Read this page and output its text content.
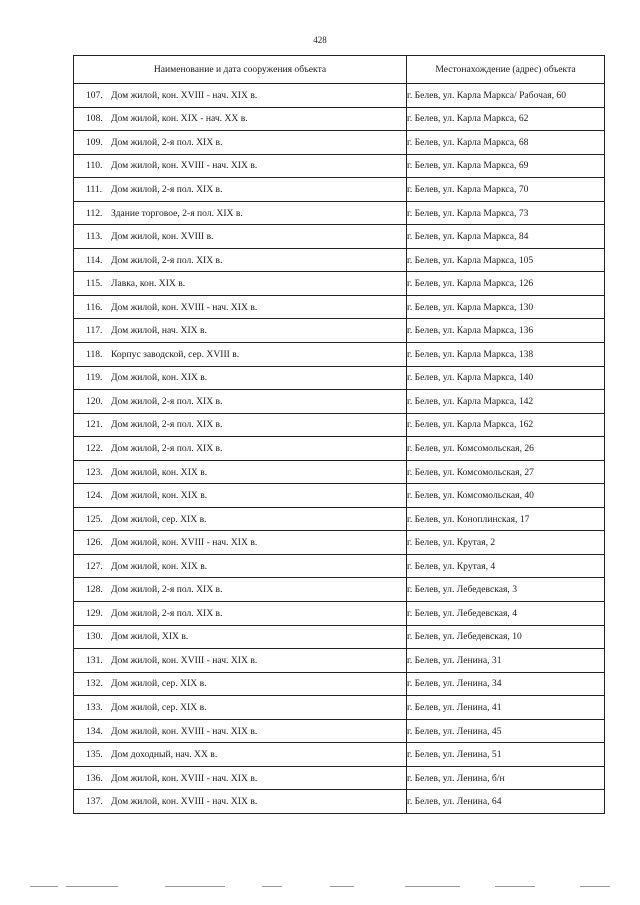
428
Наименование и дата сооружения объекта	Местонахождение (адрес) объекта
107. Дом жилой, кон. XVIII - нач. XIX в.	г. Белев, ул. Карла Маркса/ Рабочая, 60
108. Дом жилой, кон. XIX - нач. XX в.	г. Белев, ул. Карла Маркса, 62
109. Дом жилой, 2-я пол. XIX в.	г. Белев, ул. Карла Маркса, 68
110. Дом жилой, кон. XVIII - нач. XIX в.	г. Белев, ул. Карла Маркса, 69
111. Дом жилой, 2-я пол. XIX в.	г. Белев, ул. Карла Маркса, 70
112. Здание торговое, 2-я пол. XIX в.	г. Белев, ул. Карла Маркса, 73
113. Дом жилой, кон. XVIII в.	г. Белев, ул. Карла Маркса, 84
114. Дом жилой, 2-я пол. XIX в.	г. Белев, ул. Карла Маркса, 105
115. Лавка, кон. XIX в.	г. Белев, ул. Карла Маркса, 126
116. Дом жилой, кон. XVIII - нач. XIX в.	г. Белев, ул. Карла Маркса, 130
117. Дом жилой, нач. XIX в.	г. Белев, ул. Карла Маркса, 136
118. Корпус заводской, сер. XVIII в.	г. Белев, ул. Карла Маркса, 138
119. Дом жилой, кон. XIX в.	г. Белев, ул. Карла Маркса, 140
120. Дом жилой, 2-я пол. XIX в.	г. Белев, ул. Карла Маркса, 142
121. Дом жилой, 2-я пол. XIX в.	г. Белев, ул. Карла Маркса, 162
122. Дом жилой, 2-я пол. XIX в.	г. Белев, ул. Комсомольская, 26
123. Дом жилой, кон. XIX в.	г. Белев, ул. Комсомольская, 27
124. Дом жилой, кон. XIX в.	г. Белев, ул. Комсомольская, 40
125. Дом жилой, сер. XIX в.	г. Белев, ул. Коноплинская, 17
126. Дом жилой, кон. XVIII - нач. XIX в.	г. Белев, ул. Крутая, 2
127. Дом жилой, кон. XIX в.	г. Белев, ул. Крутая, 4
128. Дом жилой, 2-я пол. XIX в.	г. Белев, ул. Лебедевская, 3
129. Дом жилой, 2-я пол. XIX в.	г. Белев, ул. Лебедевская, 4
130. Дом жилой, XIX в.	г. Белев, ул. Лебедевская, 10
131. Дом жилой, кон. XVIII - нач. XIX в.	г. Белев, ул. Ленина, 31
132. Дом жилой, сер. XIX в.	г. Белев, ул. Ленина, 34
133. Дом жилой, сер. XIX в.	г. Белев, ул. Ленина, 41
134. Дом жилой, кон. XVIII - нач. XIX в.	г. Белев, ул. Ленина, 45
135. Дом доходный, нач. XX в.	г. Белев, ул. Ленина, 51
136. Дом жилой, кон. XVIII - нач. XIX в.	г. Белев, ул. Ленина, б/н
137. Дом жилой, кон. XVIII - нач. XIX в.	г. Белев, ул. Ленина, 64
